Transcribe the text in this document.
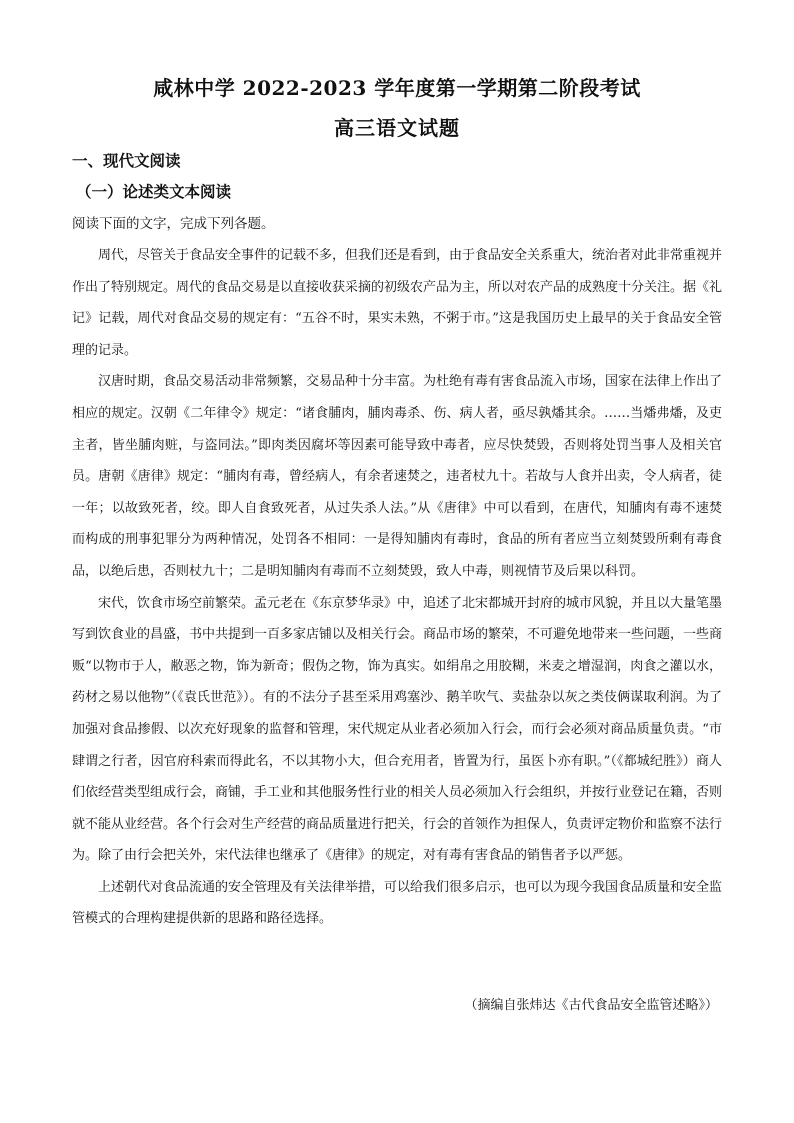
咸林中学 2022-2023 学年度第一学期第二阶段考试
高三语文试题
一、现代文阅读
（一）论述类文本阅读
阅读下面的文字，完成下列各题。

周代，尽管关于食品安全事件的记载不多，但我们还是看到，由于食品安全关系重大，统治者对此非常重视并作出了特别规定。周代的食品交易是以直接收获采摘的初级农产品为主，所以对农产品的成熟度十分关注。据《礼记》记载，周代对食品交易的规定有：“五谷不时，果实未熟，不粥于市。”这是我国历史上最早的关于食品安全管理的记录。

汉唐时期，食品交易活动非常频繁，交易品种十分丰富。为杜绝有毒有害食品流入市场，国家在法律上作出了相应的规定。汉朝《二年律令》规定：“诸食脯肉，脯肉毒杀、伤、病人者，亟尽孰燔其余。……当燔弗燔，及吏主者，皆坐脯肉赃，与盗同法。”即肉类因腐坏等因素可能导致中毒者，应尽快焚毁，否则将处罚当事人及相关官员。唐朝《唐律》规定：“脯肉有毒，曾经病人，有余者速焚之，违者杖九十。若故与人食并出卖，令人病者，徒一年；以故致死者，绞。即人自食致死者，从过失杀人法。”从《唐律》中可以看到，在唐代，知脯肉有毒不速焚而构成的刑事犯罪分为两种情况，处罚各不相同：一是得知脯肉有毒时，食品的所有者应当立刻焚毁所剩有毒食品，以绝后患，否则杖九十；二是明知脯肉有毒而不立刻焚毁，致人中毒，则视情节及后果以科罚。

宋代，饮食市场空前繁荣。孟元老在《东京梦华录》中，追述了北宋都城开封府的城市风貌，并且以大量笔墨写到饮食业的昌盛，书中共提到一百多家店铺以及相关行会。商品市场的繁荣，不可避免地带来一些问题，一些商贩“以物市于人，敝恶之物，饰为新奇；假伪之物，饰为真实。如绢帛之用胶糊，米麦之增湿润，肉食之灌以水，药材之易以他物”（《袁氏世范》）。有的不法分子甚至采用鸡塞沙、鹅羊吹气、卖盐杂以灰之类伎俩谋取利润。为了加强对食品掺假、以次充好现象的监督和管理，宋代规定从业者必须加入行会，而行会必须对商品质量负责。“市肆谓之行者，因官府科索而得此名，不以其物小大，但合充用者，皆置为行，虽医卜亦有职。”（《都城纪胜》）商人们依经营类型组成行会，商铺，手工业和其他服务性行业的相关人员必须加入行会组织，并按行业登记在籍，否则就不能从业经营。各个行会对生产经营的商品质量进行把关，行会的首领作为担保人，负责评定物价和监察不法行为。除了由行会把关外，宋代法律也继承了《唐律》的规定，对有毒有害食品的销售者予以严惩。

上述朝代对食品流通的安全管理及有关法律举措，可以给我们很多启示，也可以为现今我国食品质量和安全监管模式的合理构建提供新的思路和路径选择。

（摘编自张炜达《古代食品安全监管述略》）
